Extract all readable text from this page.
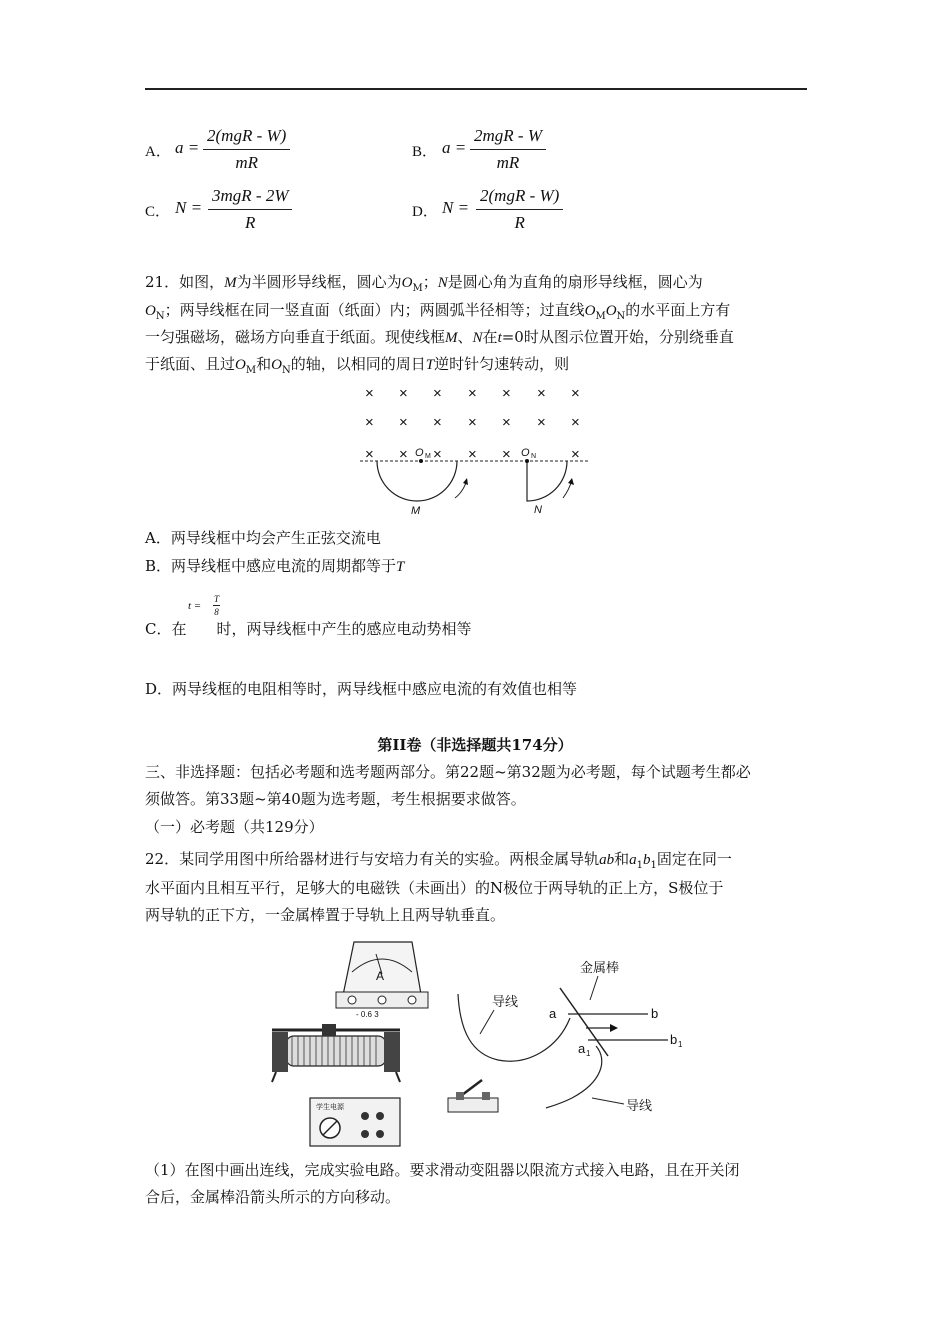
A． a =
2(mgR - W)
mR
B． a =
2mgR - W
mR
C． N =
3mgR - 2W
R
D． N =
2(mgR - W)
R
21．如图，M为半圆形导线框，圆心为$O_M$；N是圆心角为直角的扇形导线框，圆心为
$O_N$；两导线框在同一竖直面（纸面）内；两圆弧半径相等；过直线$O_MO_N$的水平面上方有
一匀强磁场，磁场方向垂直于纸面。现使线框M、N在t=0时从图示位置开始，分别绕垂直
于纸面、且过$O_M$和$O_N$的轴，以相同的周日T逆时针匀速转动，则
× × × × × × ×
× × × × × × ×
× × × × ×	×
O M	O N
M	N
A．两导线框中均会产生正弦交流电
B．两导线框中感应电流的周期都等于T
C．在 时，两导线框中产生的感应电动势相等
$t = \frac{T}{8}$
D．两导线框的电阻相等时，两导线框中感应电流的有效值也相等
第II卷（非选择题共174分）
三、非选择题：包括必考题和选考题两部分。第22题~第32题为必考题，每个试题考生都必
须做答。第33题~第40题为选考题，考生根据要求做答。
（一）必考题（共129分）
22．某同学用图中所给器材进行与安培力有关的实验。两根金属导轨ab和$a_1b_1$固定在同一
水平面内且相互平行，足够大的电磁铁（未画出）的N极位于两导轨的正上方，S极位于
两导轨的正下方，一金属棒置于导轨上且两导轨垂直。
A
- 0.6 3
学生电源
a	b
a 1
b 1
金属棒
导线
导线
（1）在图中画出连线，完成实验电路。要求滑动变阻器以限流方式接入电路，且在开关闭
合后，金属棒沿箭头所示的方向移动。
